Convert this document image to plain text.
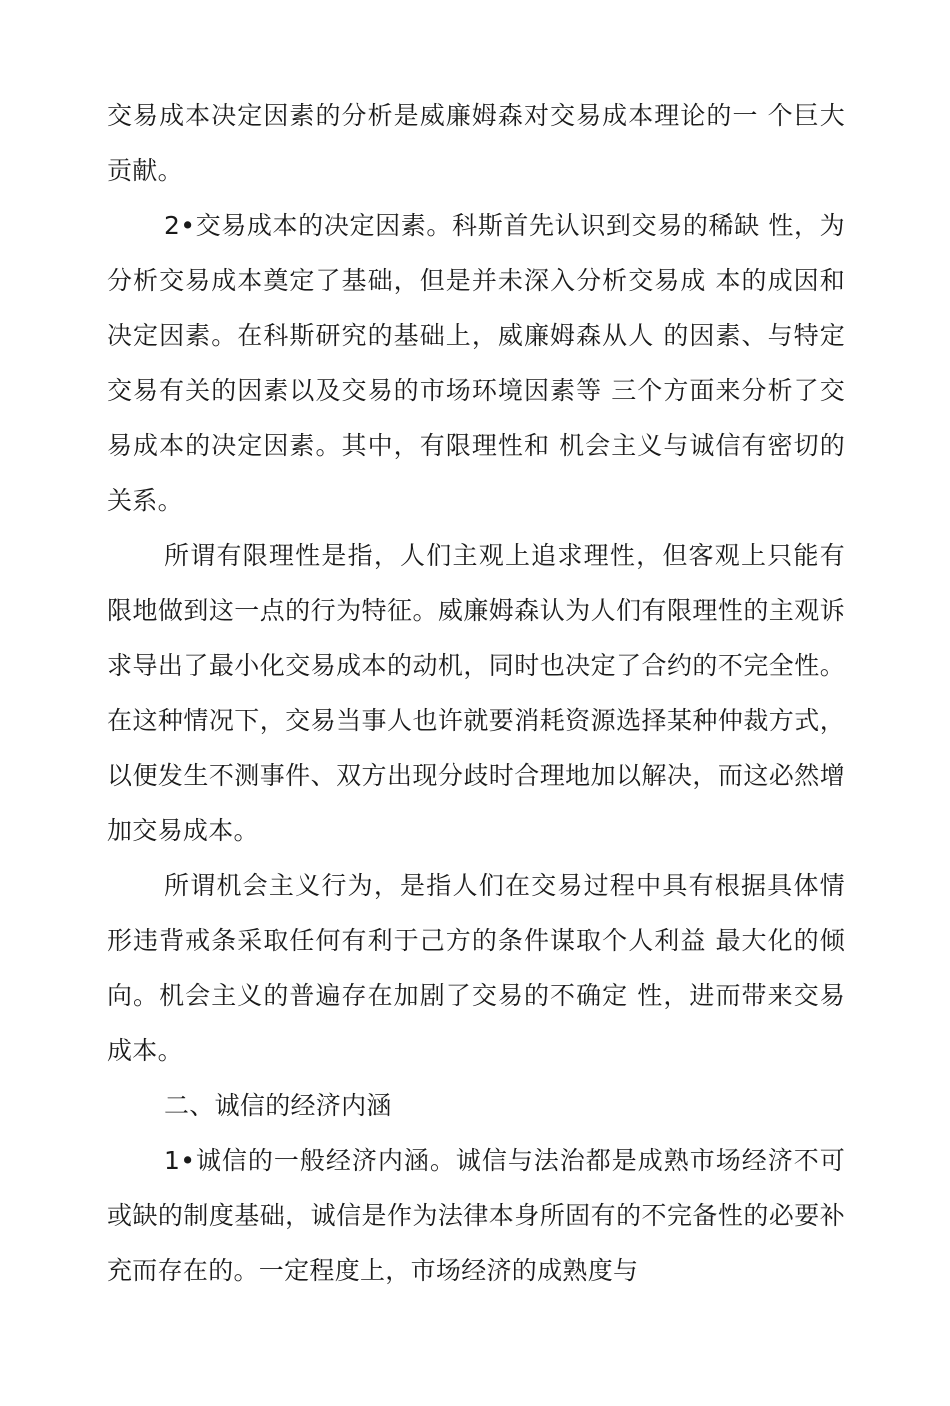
交易成本决定因素的分析是威廉姆森对交易成本理论的一 个巨大贡献。

2•交易成本的决定因素。科斯首先认识到交易的稀缺 性，为分析交易成本奠定了基础，但是并未深入分析交易成 本的成因和决定因素。在科斯研究的基础上，威廉姆森从人 的因素、与特定交易有关的因素以及交易的市场环境因素等 三个方面来分析了交易成本的决定因素。其中，有限理性和 机会主义与诚信有密切的关系。

所谓有限理性是指，人们主观上追求理性，但客观上只能有限地做到这一点的行为特征。威廉姆森认为人们有限理性的主观诉求导出了最小化交易成本的动机，同时也决定了合约的不完全性。在这种情况下，交易当事人也许就要消耗资源选择某种仲裁方式，以便发生不测事件、双方出现分歧时合理地加以解决，而这必然增加交易成本。

所谓机会主义行为，是指人们在交易过程中具有根据具体情形违背戒条采取任何有利于己方的条件谋取个人利益 最大化的倾向。机会主义的普遍存在加剧了交易的不确定 性，进而带来交易成本。

二、诚信的经济内涵

1•诚信的一般经济内涵。诚信与法治都是成熟市场经济不可或缺的制度基础，诚信是作为法律本身所固有的不完备性的必要补充而存在的。一定程度上，市场经济的成熟度与
